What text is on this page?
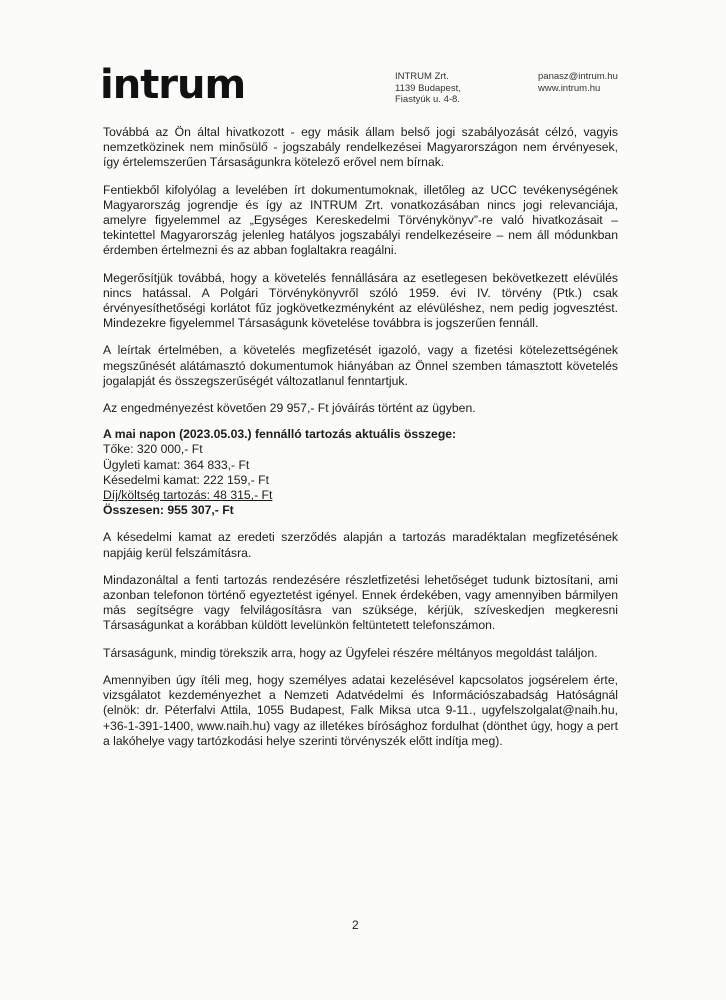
intrum	INTRUM Zrt.
1139 Budapest,
Fiastyúk u. 4-8.
panasz@intrum.hu
www.intrum.hu

Továbbá az Ön által hivatkozott - egy másik állam belső jogi szabályozását célzó, vagyis nemzetközinek nem minősülő - jogszabály rendelkezései Magyarországon nem érvényesek, így értelemszerűen Társaságunkra kötelező erővel nem bírnak.

Fentiekből kifolyólag a levelében írt dokumentumoknak, illetőleg az UCC tevékenységének Magyarország jogrendje és így az INTRUM Zrt. vonatkozásában nincs jogi relevanciája, amelyre figyelemmel az „Egységes Kereskedelmi Törvénykönyv”-re való hivatkozásait – tekintettel Magyarország jelenleg hatályos jogszabályi rendelkezéseire – nem áll módunkban érdemben értelmezni és az abban foglaltakra reagálni.

Megerősítjük továbbá, hogy a követelés fennállására az esetlegesen bekövetkezett elévülés nincs hatással. A Polgári Törvénykönyvről szóló 1959. évi IV. törvény (Ptk.) csak érvényesíthetőségi korlátot fűz jogkövetkezményként az elévüléshez, nem pedig jogvesztést. Mindezekre figyelemmel Társaságunk követelése továbbra is jogszerűen fennáll.

A leírtak értelmében, a követelés megfizetését igazoló, vagy a fizetési kötelezettségének megszűnését alátámasztó dokumentumok hiányában az Önnel szemben támasztott követelés jogalapját és összegszerűségét változatlanul fenntartjuk.

Az engedményezést követően 29 957,- Ft jóváírás történt az ügyben.

A mai napon (2023.05.03.) fennálló tartozás aktuális összege:
Tőke: 320 000,- Ft
Ügyleti kamat: 364 833,- Ft
Késedelmi kamat: 222 159,- Ft
Díj/költség tartozás: 48 315,- Ft
Összesen: 955 307,- Ft

A késedelmi kamat az eredeti szerződés alapján a tartozás maradéktalan megfizetésének napjáig kerül felszámításra.

Mindazonáltal a fenti tartozás rendezésére részletfizetési lehetőséget tudunk biztosítani, ami azonban telefonon történő egyeztetést igényel. Ennek érdekében, vagy amennyiben bármilyen más segítségre vagy felvilágosításra van szüksége, kérjük, szíveskedjen megkeresni Társaságunkat a korábban küldött levelünkön feltüntetett telefonszámon.

Társaságunk, mindig törekszik arra, hogy az Ügyfelei részére méltányos megoldást találjon.

Amennyiben úgy ítéli meg, hogy személyes adatai kezelésével kapcsolatos jogsérelem érte, vizsgálatot kezdeményezhet a Nemzeti Adatvédelmi és Információszabadság Hatóságnál (elnök: dr. Péterfalvi Attila, 1055 Budapest, Falk Miksa utca 9-11., ugyfelszolgalat@naih.hu, +36-1-391-1400, www.naih.hu) vagy az illetékes bírósághoz fordulhat (dönthet úgy, hogy a pert a lakóhelye vagy tartózkodási helye szerinti törvényszék előtt indítja meg).

2
